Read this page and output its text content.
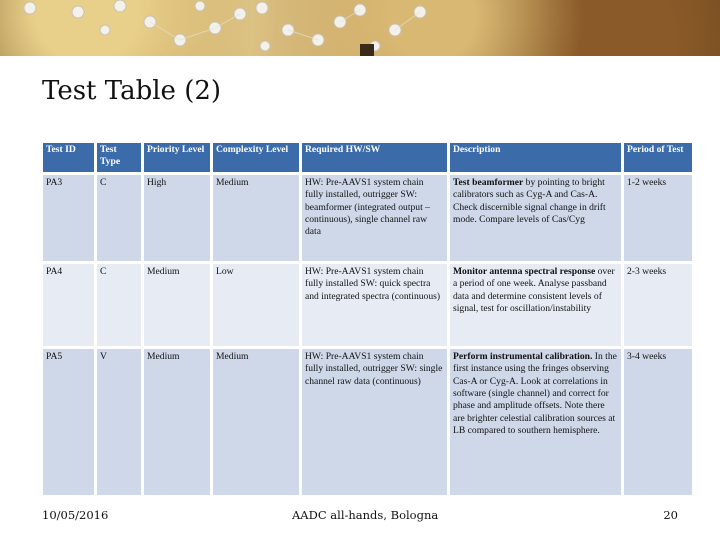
Test Table (2)
Test ID	Test Type	Priority Level	Complexity Level	Required HW/SW	Description	Period of Test
PA3	C	High	Medium	HW: Pre-AAVS1 system chain fully installed, outrigger SW: beamformer (integrated output – continuous), single channel raw data	Test beamformer by pointing to bright calibrators such as Cyg-A and Cas-A. Check discernible signal change in drift mode. Compare levels of Cas/Cyg	1-2 weeks
PA4	C	Medium	Low	HW: Pre-AAVS1 system chain fully installed SW: quick spectra and integrated spectra (continuous)	Monitor antenna spectral response over a period of one week. Analyse passband data and determine consistent levels of signal, test for oscillation/instability	2-3 weeks
PA5	V	Medium	Medium	HW: Pre-AAVS1 system chain fully installed, outrigger SW: single channel raw data (continuous)	Perform instrumental calibration. In the first instance using the fringes observing Cas-A or Cyg-A. Look at correlations in software (single channel) and correct for phase and amplitude offsets. Note there are brighter celestial calibration sources at LB compared to southern hemisphere.	3-4 weeks
10/05/2016	AADC all-hands, Bologna	20
